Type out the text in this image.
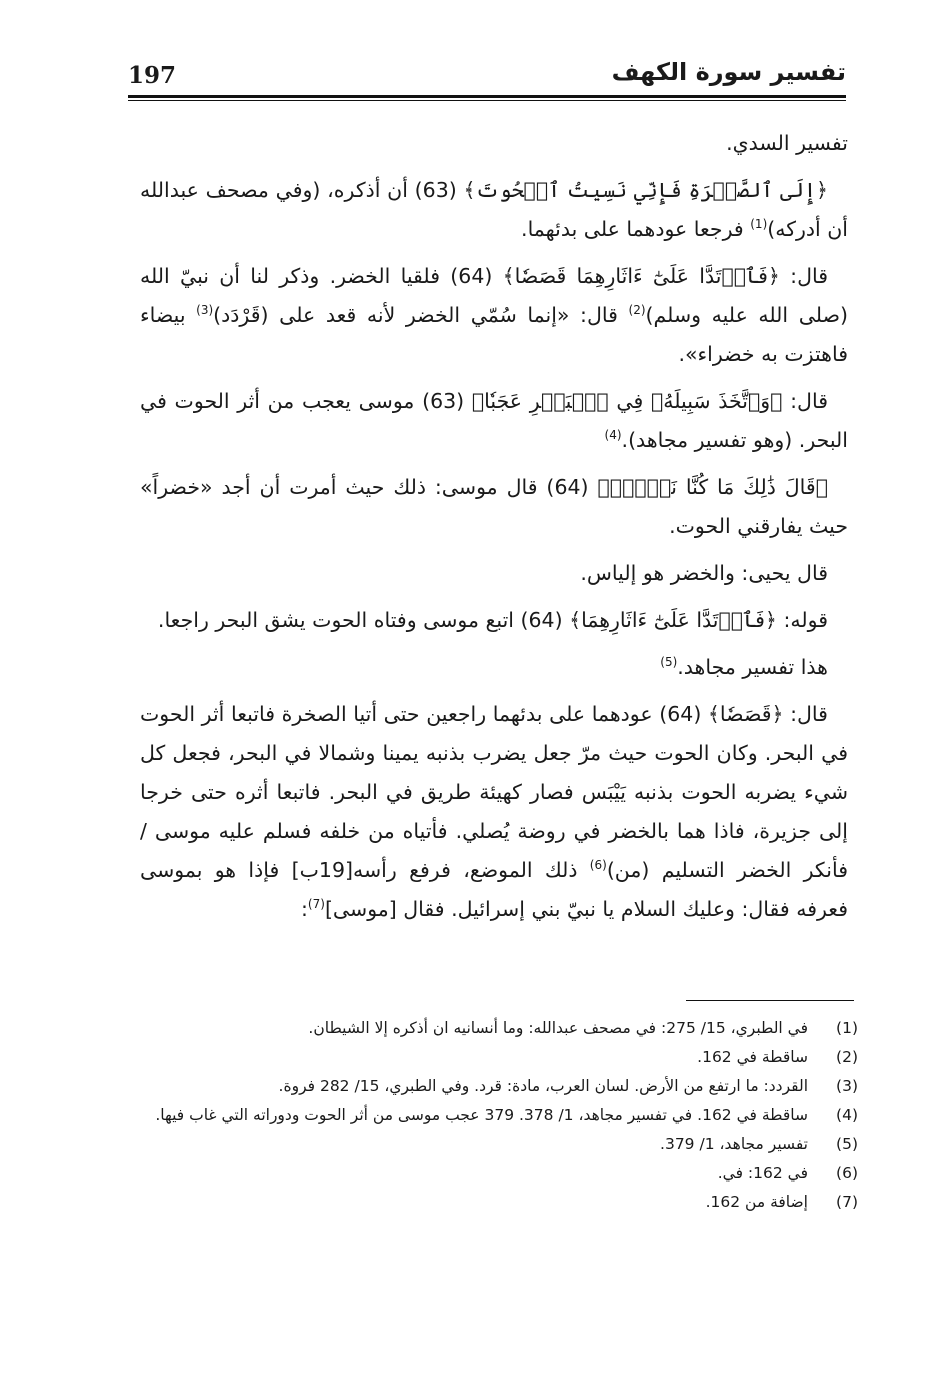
197	تفسير سورة الكهف

تفسير السدي.

﴿إِلَى ٱلصَّخۡرَةِ فَإِنِّي نَسِيتُ ٱلۡحُوتَ﴾ (63) أن أذكره، (وفي مصحف عبدالله أن أدركه)$^{(1)}$ فرجعا عودهما على بدئهما.

قال: ﴿فَٱرۡتَدَّا عَلَىٰٓ ءَاثَارِهِمَا قَصَصٗا﴾ (64) فلقيا الخضر. وذكر لنا أن نبيّ الله (صلى الله عليه وسلم)$^{(2)}$ قال: «إنما سُمّي الخضر لأنه قعد على (قَرْدَد)$^{(3)}$ بيضاء فاهتزت به خضراء».

قال: ﴿وَٱتَّخَذَ سَبِيلَهُۥ فِي ٱلۡبَحۡرِ عَجَبٗا﴾ (63) موسى يعجب من أثر الحوت في البحر. (وهو تفسير مجاهد).$^{(4)}$

﴿قَالَ ذَٰلِكَ مَا كُنَّا نَبۡغِۚ﴾ (64) قال موسى: ذلك حيث أمرت أن أجد «خضراً» حيث يفارقني الحوت.

قال يحيى: والخضر هو إلياس.

قوله: ﴿فَٱرۡتَدَّا عَلَىٰٓ ءَاثَارِهِمَا﴾ (64) اتبع موسى وفتاه الحوت يشق البحر راجعا.

هذا تفسير مجاهد.$^{(5)}$

قال: ﴿قَصَصٗا﴾ (64) عودهما على بدئهما راجعين حتى أتيا الصخرة فاتبعا أثر الحوت في البحر. وكان الحوت حيث مرّ جعل يضرب بذنبه يمينا وشمالا في البحر، فجعل كل شيء يضربه الحوت بذنبه يَيْبَس فصار كهيئة طريق في البحر. فاتبعا أثره حتى خرجا إلى جزيرة، فاذا هما بالخضر في روضة يُصلي. فأتياه من خلفه فسلم عليه موسى / فأنكر الخضر التسليم (من)$^{(6)}$ ذلك الموضع، فرفع رأسه[19ب] فإذا هو بموسى فعرفه فقال: وعليك السلام يا نبيّ بني إسرائيل. فقال [موسى]$^{(7)}$:

(1)
في الطبري، 15/ 275: في مصحف عبدالله: وما أنسانيه ان أذكره إلا الشيطان.
(2)
ساقطة في 162.
(3)
القردد: ما ارتفع من الأرض. لسان العرب، مادة: قرد. وفي الطبري، 15/ 282 فروة.
(4)
ساقطة في 162. في تفسير مجاهد، 1/ 378. 379 عجب موسى من أثر الحوت ودوراته التي غاب فيها.
(5)
تفسير مجاهد، 1/ 379.
(6)
في 162: في.
(7)
إضافة من 162.
